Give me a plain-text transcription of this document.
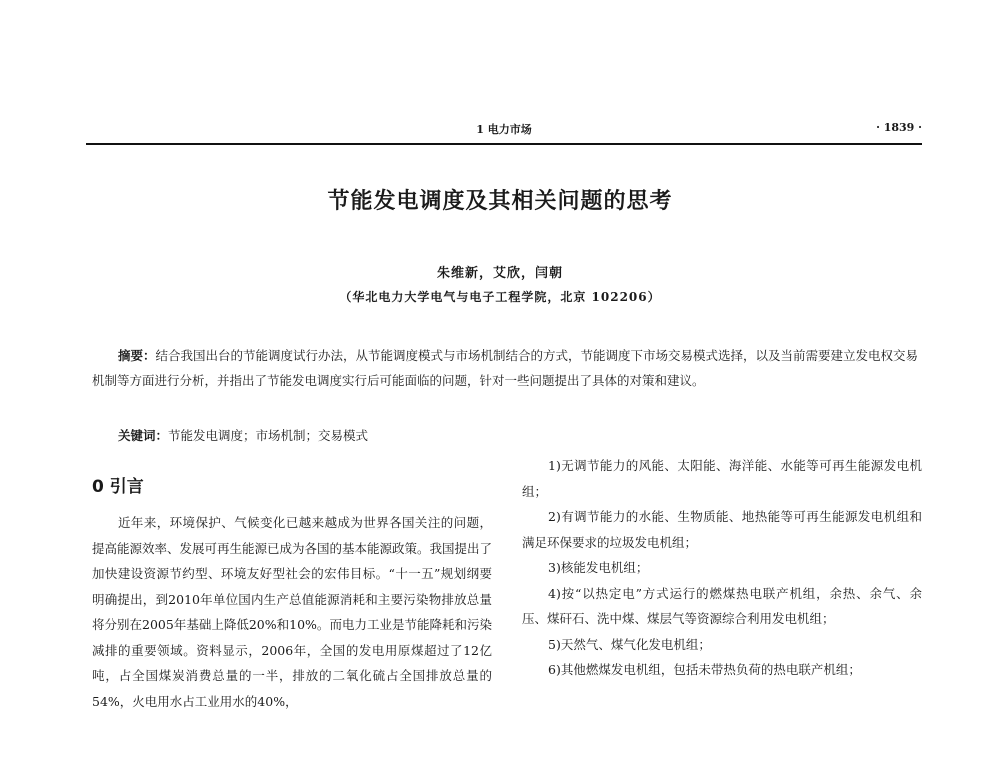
1 电力市场	· 1839 ·
节能发电调度及其相关问题的思考
朱维新，艾欣，闫朝
（华北电力大学电气与电子工程学院，北京 102206）
摘要：结合我国出台的节能调度试行办法，从节能调度模式与市场机制结合的方式，节能调度下市场交易模式选择，以及当前需要建立发电权交易机制等方面进行分析，并指出了节能发电调度实行后可能面临的问题，针对一些问题提出了具体的对策和建议。
关键词：节能发电调度；市场机制；交易模式
0 引言

近年来，环境保护、气候变化已越来越成为世界各国关注的问题，提高能源效率、发展可再生能源已成为各国的基本能源政策。我国提出了加快建设资源节约型、环境友好型社会的宏伟目标。“十一五”规划纲要明确提出，到2010年单位国内生产总值能源消耗和主要污染物排放总量将分别在2005年基础上降低20%和10%。而电力工业是节能降耗和污染减排的重要领域。资料显示，2006年，全国的发电用原煤超过了12亿吨，占全国煤炭消费总量的一半，排放的二氧化硫占全国排放总量的54%，火电用水占工业用水的40%，

1)无调节能力的风能、太阳能、海洋能、水能等可再生能源发电机组；
2)有调节能力的水能、生物质能、地热能等可再生能源发电机组和满足环保要求的垃圾发电机组；
3)核能发电机组；
4)按“以热定电”方式运行的燃煤热电联产机组，余热、余气、余压、煤矸石、洗中煤、煤层气等资源综合利用发电机组；
5)天然气、煤气化发电机组；
6)其他燃煤发电机组，包括未带热负荷的热电联产机组；
